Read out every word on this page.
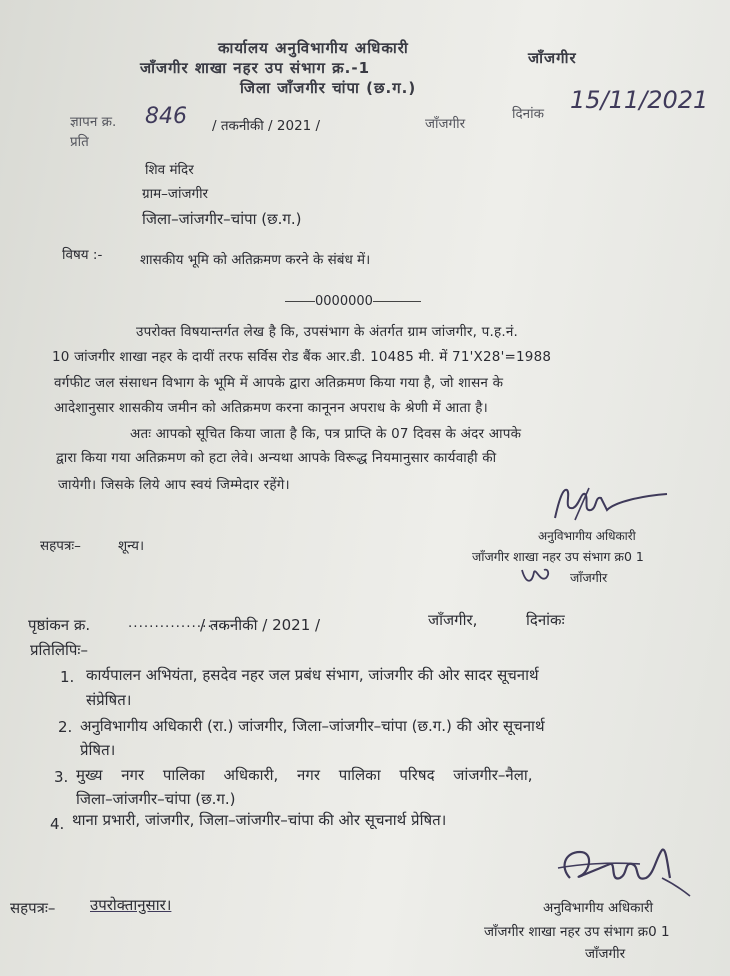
कार्यालय अनुविभागीय अधिकारी
जाँजगीर शाखा नहर उप संभाग क्र.-1
जाँजगीर
जिला जाँजगीर चांपा (छ.ग.)
ज्ञापन क्र. 846 / तकनीकी / 2021 /	जाँजगीर
दिनांक 15/11/2021
प्रति
शिव मंदिर
ग्राम–जांजगीर
जिला–जांजगीर–चांपा (छ.ग.)
विषय :-	शासकीय भूमि को अतिक्रमण करने के संबंध में।
0000000
उपरोक्त विषयान्तर्गत लेख है कि, उपसंभाग के अंतर्गत ग्राम जांजगीर, प.ह.नं.
10 जांजगीर शाखा नहर के दायीं तरफ सर्विस रोड बैंक आर.डी. 10485 मी. में 71'X28'=1988
वर्गफीट जल संसाधन विभाग के भूमि में आपके द्वारा अतिक्रमण किया गया है, जो शासन के
आदेशानुसार शासकीय जमीन को अतिक्रमण करना कानूनन अपराध के श्रेणी में आता है।
अतः आपको सूचित किया जाता है कि, पत्र प्राप्ति के 07 दिवस के अंदर आपके
द्वारा किया गया अतिक्रमण को हटा लेवे। अन्यथा आपके विरूद्ध नियमानुसार कार्यवाही की
जायेगी। जिसके लिये आप स्वयं जिम्मेदार रहेंगे।
सहपत्रः–	शून्य।
अनुविभागीय अधिकारी
जाँजगीर शाखा नहर उप संभाग क्र0 1
जाँजगीर
पृष्ठांकन क्र.	...................
/ तकनीकी / 2021 /	जाँजगीर,	दिनांकः
प्रतिलिपिः–
1. कार्यपालन अभियंता, हसदेव नहर जल प्रबंध संभाग, जांजगीर की ओर सादर सूचनार्थ
संप्रेषित।
2. अनुविभागीय अधिकारी (रा.) जांजगीर, जिला–जांजगीर–चांपा (छ.ग.) की ओर सूचनार्थ
प्रेषित।
3. मुख्य नगर पालिका अधिकारी, नगर पालिका परिषद जांजगीर–नैला,
जिला–जांजगीर–चांपा (छ.ग.)
4. थाना प्रभारी, जांजगीर, जिला–जांजगीर–चांपा की ओर सूचनार्थ प्रेषित।
सहपत्रः– उपरोक्तानुसार।	अनुविभागीय अधिकारी
जाँजगीर शाखा नहर उप संभाग क्र0 1
जाँजगीर
